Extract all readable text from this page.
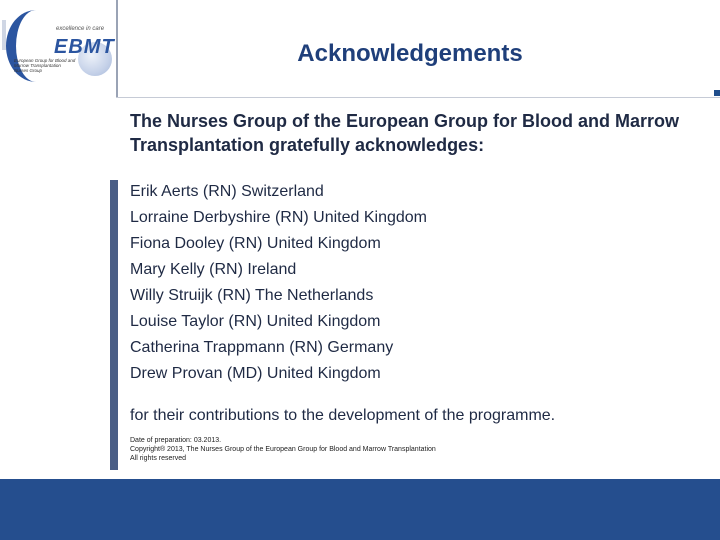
excellence in care
EBMT
European Group for Blood and Marrow Transplantation Nurses Group
Acknowledgements
The Nurses Group of the European Group for Blood and Marrow Transplantation gratefully acknowledges:
Erik Aerts (RN) Switzerland
Lorraine Derbyshire (RN) United Kingdom
Fiona Dooley (RN) United Kingdom
Mary Kelly (RN) Ireland
Willy Struijk (RN) The Netherlands
Louise Taylor (RN) United Kingdom
Catherina Trappmann (RN) Germany
Drew Provan (MD) United Kingdom
for their contributions to the development of the programme.
Date of preparation: 03.2013.
Copyright® 2013, The Nurses Group of the European Group for Blood and Marrow Transplantation
All rights reserved
